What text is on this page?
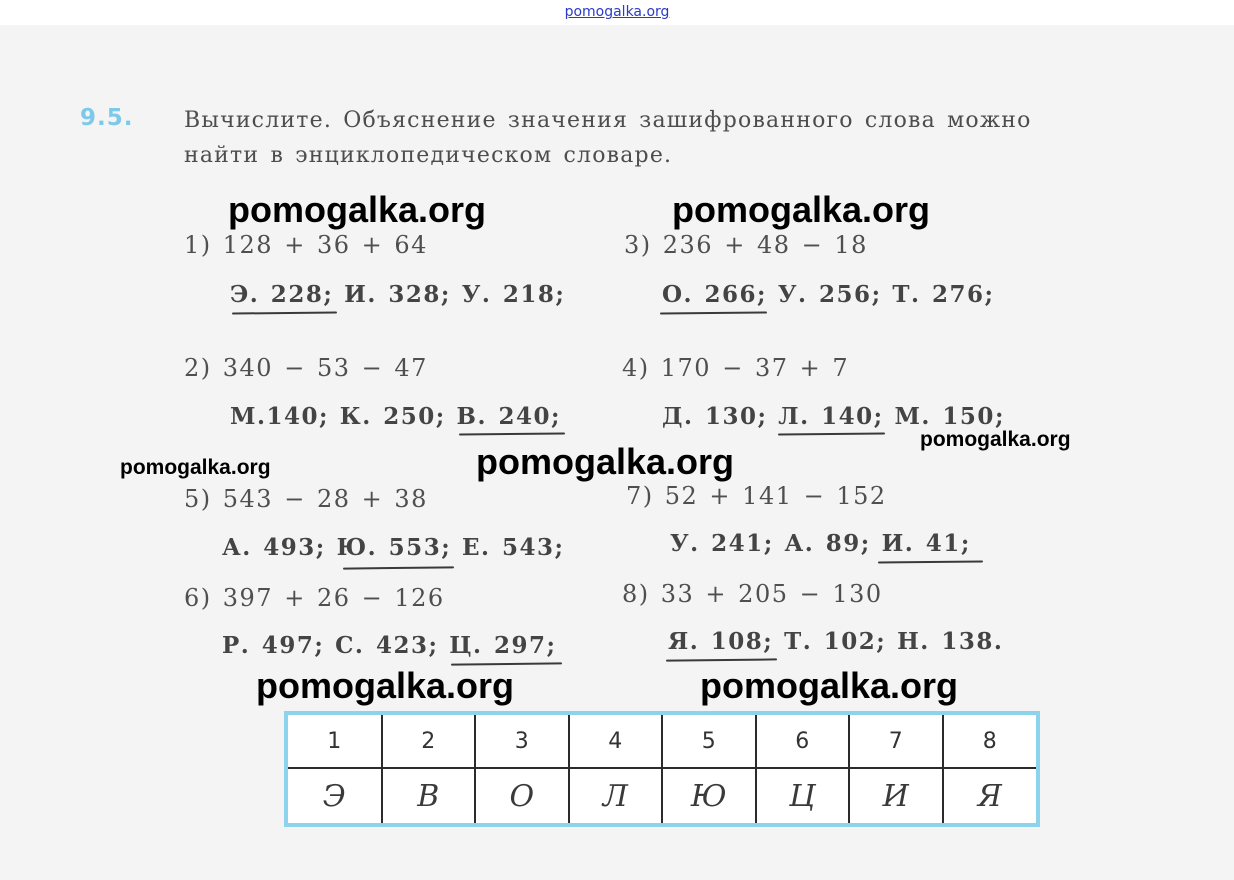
pomogalka.org
9.5. Вычислите. Объяснение значения зашифрованного слова можно
найти в энциклопедическом словаре.
1) 128 + 36 + 64
Э. 228; И. 328; У. 218;
2) 340 − 53 − 47
М.140; К. 250; В. 240;
5) 543 − 28 + 38
А. 493; Ю. 553; Е. 543;
6) 397 + 26 − 126
Р. 497; С. 423; Ц. 297;
3) 236 + 48 − 18
О. 266; У. 256; Т. 276;
4) 170 − 37 + 7
Д. 130; Л. 140; М. 150;
7) 52 + 141 − 152
У. 241; А. 89; И. 41;
8) 33 + 205 − 130
Я. 108; Т. 102; Н. 138.
1	2	3	4	5	6	7	8
Э	В	О	Л	Ю	Ц	И	Я
pomogalka.org	pomogalka.org
pomogalka.org
pomogalka.org
pomogalka.org
pomogalka.org	pomogalka.org
